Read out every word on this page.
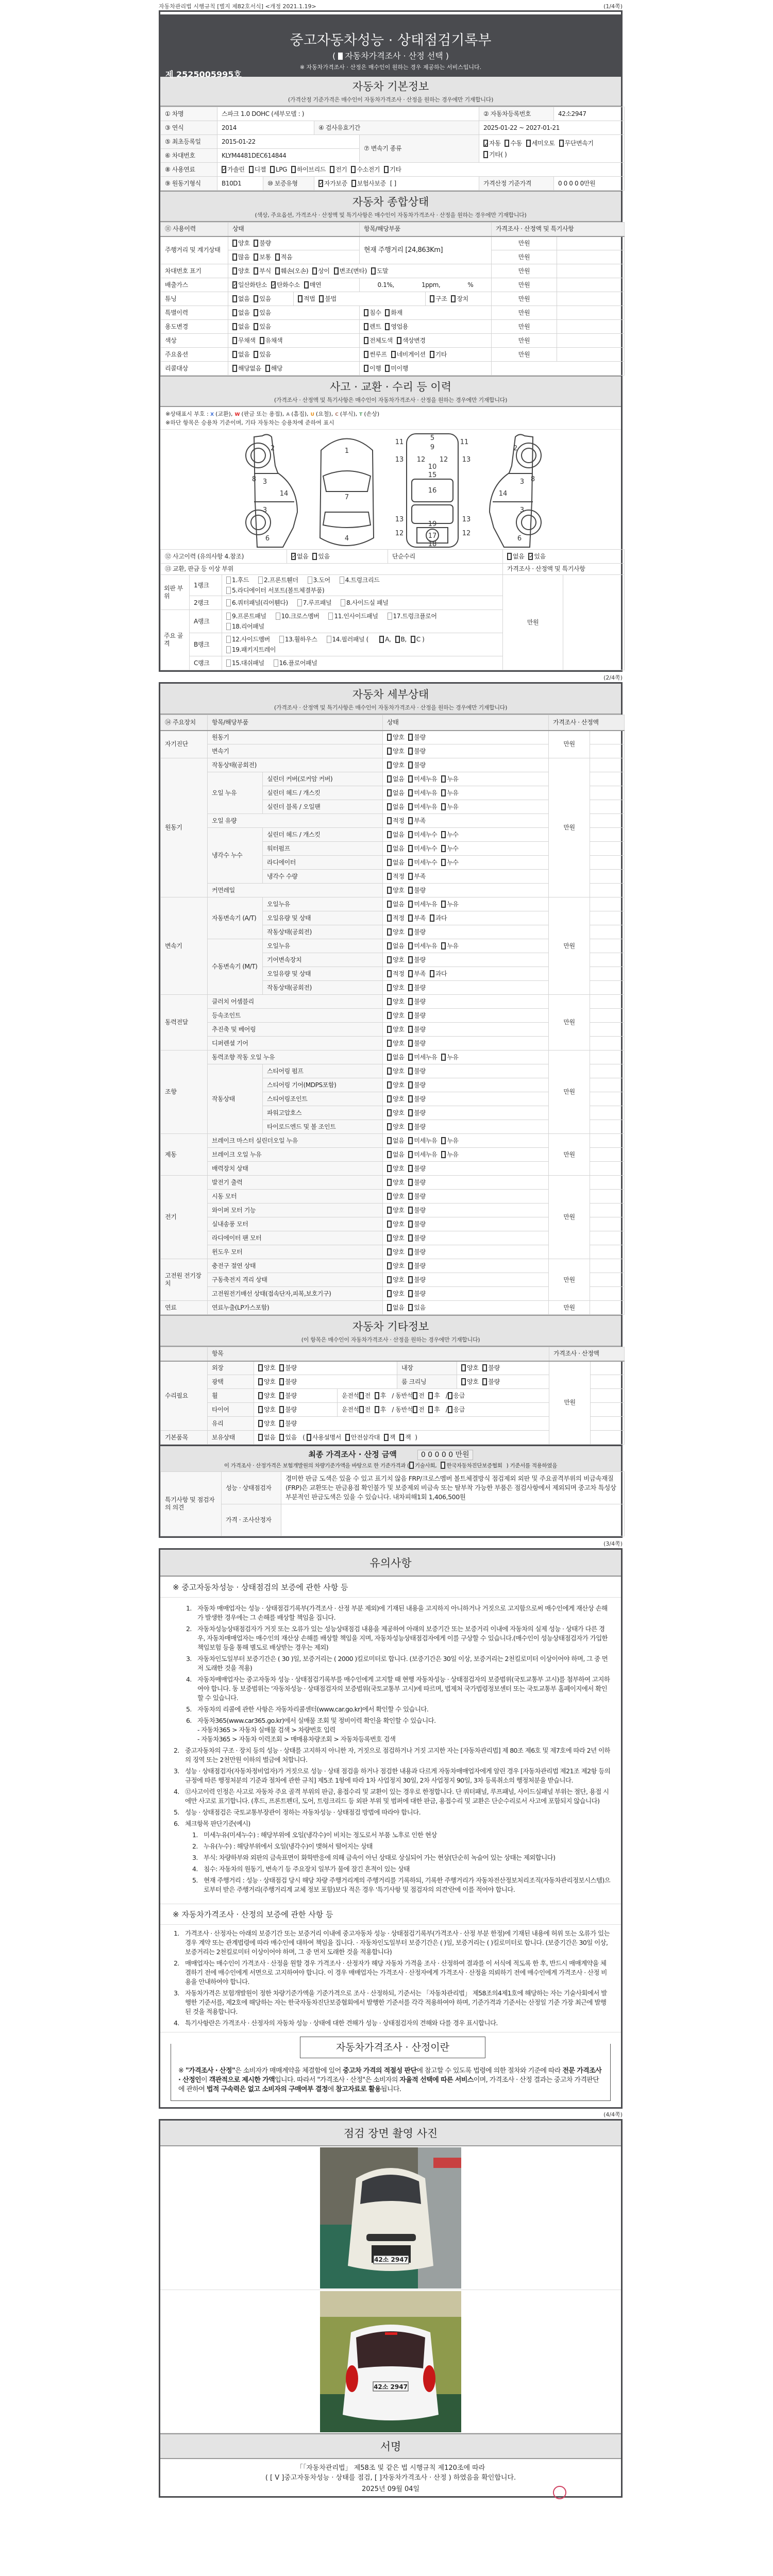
자동차관리법 시행규칙 [별지 제82호서식] <개정 2021.1.19>	(1/4쪽)
중고자동차성능 · 상태점검기록부
( 자동차가격조사 · 산정 선택 )
※ 자동차가격조사 · 산정은 매수인이 원하는 경우 제공하는 서비스입니다.
제 2525005995호
자동차 기본정보
(가격산정 기준가격은 매수인이 자동차가격조사 · 산정을 원하는 경우에만 기재합니다)
① 차명	스파크 1.0 DOHC (세부모델 : )				② 자동차등록번호	42소2947
③ 연식	2014		④ 검사유효기간		2025-01-22 ~ 2027-01-21	
⑤ 최초등록일	2015-01-22			⑦ 변속기 종류	✓자동 수동 세미오토 무단변속기기타( )
⑥ 차대번호	KLYM4481DEC614844					
⑧ 사용연료	✓가솔린 디젤 LPG 하이브리드 전기 수소전기 기타
⑨ 원동기형식	B10D1	⑩ 보증유형	✓자가보증 보험사보증 [ ]		가격산정 기준가격	0 0 0 0 0만원
자동차 종합상태
(색상, 주요옵션, 가격조사 · 산정액 및 특기사항은 매수인이 자동차가격조사 · 산정을 원하는 경우에만 기재합니다)
⑪ 사용이력	상태	항목/해당부품	가격조사 · 산정액 및 특기사항	
주행거리 및 계기상태	양호 불량	현재 주행거리 [24,863Km]	만원	
	많음 보통 적음		만원	
차대번호 표기	양호 부식 훼손(오손) 상이 변조(변타) 도말		만원	
배출가스	✓일산화탄소 ✓ 탄화수소 매연	0.1%, 1ppm, %	만원	
튜닝	없음 있음 적법 불법 구조 장치		만원	
특별이력	없음 있음	침수 화재	만원	
용도변경	없음 있음	렌트 영업용	만원	
색상	무채색 유채색	전체도색 색상변경	만원	
주요옵션	없음 있음	썬루프 네비게이션 기타	만원	
리콜대상	해당없음 해당	이행 미이행		
사고 · 교환 · 수리 등 이력
(가격조사 · 산정액 및 특기사항은 매수인이 자동차가격조사 · 산정을 원하는 경우에만 기재합니다)
※상태표시 부호 : X (교환), W (판금 또는 용접), A (흠집), U (요철), C (부식), T (손상)
※하단 항목은 승용차 기준이며, 기타 자동차는 승용차에 준하여 표시
2
8 3
14
3
6
1
7
4
5
9
11	11
13	13
12 12
10
15
16
13	13
19
12	12
17
18
2
3 8
14
3
6
⑫ 사고이력 (유의사항 4.참조)	✓없음 있음	단순수리	없음 ✓ 있음
⑬ 교환, 판금 등 이상 부위					가격조사 · 산정액 및 특기사항	
외판 부위	1랭크	1.후드 2.프론트휀더 3.도어 4.트렁크리드
5.라디에이터 서포트(볼트체결부품)			만원	
	2랭크	6.쿼터패널(리어휀다) 7.루프패널 8.사이드실 패널				
주요 골격	A랭크	9.프론트패널 10.크로스멤버 11.인사이드패널 17.트렁크플로어
18.리어패널				
	B랭크	12.사이드멤버 13.휠하우스 14.필러패널 ( A, B, C )
19.패키지트레이				
	C랭크	15.대쉬패널 16.플로어패널				
(2/4쪽)
자동차 세부상태
(가격조사 · 산정액 및 특기사항은 매수인이 자동차가격조사 · 산정을 원하는 경우에만 기재합니다)
⑭ 주요장치	항목/해당부품		상태	가격조사 · 산정액	
자기진단	원동기		양호 불량	만원	
	변속기		양호 불량		
원동기	작동상태(공회전)		양호 불량	만원	
	오일 누유	실린더 커버(로커암 커버)	없음 미세누유 누유		
		실린더 헤드 / 개스킷	없음 미세누유 누유		
		실린더 블록 / 오일팬	없음 미세누유 누유		
	오일 유량		적정 부족		
	냉각수 누수	실린더 헤드 / 개스킷	없음 미세누수 누수		
		워터펌프	없음 미세누수 누수		
		라디에이터	없음 미세누수 누수		
		냉각수 수량	적정 부족		
	커먼레일		양호 불량		
변속기	자동변속기 (A/T)	오일누유	없음 미세누유 누유	만원	
		오일유량 및 상태	적정 부족 과다		
		작동상태(공회전)	양호 불량		
	수동변속기 (M/T)	오일누유	없음 미세누유 누유		
		기어변속장치	양호 불량		
		오일유량 및 상태	적정 부족 과다		
		작동상태(공회전)	양호 불량		
동력전달	클러치 어셈블리		양호 불량	만원	
	등속조인트		양호 불량		
	추진축 및 베어링		양호 불량		
	디퍼렌셜 기어		양호 불량		
조향	동력조향 작동 오일 누유		없음 미세누유 누유	만원	
	작동상태	스티어링 펌프	양호 불량		
		스티어링 기어(MDPS포함)	양호 불량		
		스티어링조인트	양호 불량		
		파워고압호스	양호 불량		
		타이로드엔드 및 볼 조인트	양호 불량		
제동	브레이크 마스터 실린더오일 누유		없음 미세누유 누유	만원	
	브레이크 오일 누유		없음 미세누유 누유		
	배력장치 상태		양호 불량		
전기	발전기 출력		양호 불량	만원	
	시동 모터		양호 불량		
	와이퍼 모터 기능		양호 불량		
	실내송풍 모터		양호 불량		
	라디에이터 팬 모터		양호 불량		
	윈도우 모터		양호 불량		
고전원 전기장치	충전구 절연 상태		양호 불량	만원	
	구동축전지 격리 상태		양호 불량		
	고전원전기배선 상태(접속단자,피복,보호기구)		양호 불량		
연료	연료누출(LP가스포함)		없음 있음	만원	
자동차 기타정보
(이 항목은 매수인이 자동차가격조사 · 산정을 원하는 경우에만 기재합니다)
	항목					가격조사 · 산정액	
수리필요	외장	양호 불량		내장	양호 불량	만원	
	광택	양호 불량		룸 크리닝	양호 불량		
	휠	양호 불량	운전석 전 후 / 동반석 전 후 / 응급				
	타이어	양호 불량	운전석 전 후 / 동반석 전 후 / 응급				
	유리	양호 불량					
기본품목	보유상태	없음 있음 ( 사용설명서 안전삼각대 잭 잭 )					
최종 가격조사 · 산정 금액	0 0 0 0 0 만원
이 가격조사 · 산정가격은 보험개발원의 차량기준가액을 바탕으로 한 기준가격과 ( 기술사회, 한국자동차진단보증협회 ) 기준서를 적용하였음
특기사항 및 점검자의 의견	성능 · 상태점검자	경미한 판금 도색은 있을 수 있고 표기치 않음 FRP/크로스멤버 볼트체결방식 점검제외 외판 및 주요골격부위의 비금속재질(FRP)은 교환또는 판금용접 확인불가 및 보증제외 비금속 또는 탈부착 가능한 부품은 점검사항에서 제외되며 중고차 특성상 부분적인 판금도색은 있을 수 있습니다. 내차피해1회 1,406,500원
	가격 · 조사산정자	
(3/4쪽)
유의사항
※ 중고자동차성능 · 상태점검의 보증에 관한 사항 등
1. 자동차 매매업자는 성능 · 상태점검기록부(가격조사 · 산정 부분 제외)에 기재된 내용을 고지하지 아니하거나 거짓으로 고지함으로써 매수인에게 재산상 손해가 발생한 경우에는 그 손해를 배상할 책임을 집니다.
2. 자동차성능상태점검자가 거짓 또는 오류가 있는 성능상태점검 내용을 제공하여 아래의 보증기간 또는 보증거리 이내에 자동차의 실제 성능 · 상태가 다른 경우, 자동차매매업자는 매수인의 재산상 손해를 배상할 책임을 지며, 자동차성능상태점검자에게 이를 구상할 수 있습니다.(매수인이 성능상태점검자가 가입한 책임보험 등을 통해 별도로 배상받는 경우는 제외)
3. 자동차인도일부터 보증기간은 ( 30 )일, 보증거리는 ( 2000 )킬로미터로 합니다. (보증기간은 30일 이상, 보증거리는 2천킬로미터 이상이어야 하며, 그 중 먼저 도래한 것을 적용)
4. 자동차매매업자는 중고자동차 성능 · 상태점검기록부를 매수인에게 고지할 때 현행 자동차성능 · 상태점검자의 보증범위(국토교통부 고시)를 첨부하여 고지하여야 합니다. 동 보증범위는 '자동차성능 · 상태점검자의 보증범위(국토교통부 고시)에 따르며, 법제처 국가법령정보센터 또는 국토교통부 홈페이지에서 확인할 수 있습니다.
5. 자동차의 리콜에 관한 사항은 자동차리콜센터(www.car.go.kr)에서 확인할 수 있습니다.
6. 자동차365(www.car365.go.kr)에서 실매물 조회 및 정비이력 확인을 확인할 수 있습니다.
- 자동차365 > 자동차 실매물 검색 > 차량번호 입력
- 자동차365 > 자동차 이력조회 > 매매용차량조회 > 자동차등록번호 검색
2. 중고자동차의 구조 · 장치 등의 성능 · 상태를 고지하지 아니한 자, 거짓으로 점검하거나 거짓 고지한 자는 [자동차관리법] 제 80조 제6호 및 제7호에 따라 2년 이하의 징역 또는 2천만원 이하의 벌금에 처합니다.
3. 성능 · 상태점검자(자동차정비업자)가 거짓으로 성능 · 상태 점검을 하거나 점검한 내용과 다르게 자동차매매업자에게 알린 경우 [자동차관리법 제21조 제2항 등의 규정에 따른 행정처분의 기준과 절차에 관한 규칙] 제5조 1항에 따라 1차 사업정지 30일, 2차 사업정지 90일, 3차 등록취소의 행정처분을 받습니다.
4. ⑫사고이력 인정은 사고로 자동차 주요 골격 부위의 판금, 용접수리 및 교환이 있는 경우로 한정합니다. 단 쿼터패널, 루프패널, 사이드실패널 부위는 절단, 용접 시에만 사고로 표기합니다. (후드, 프론트펜더, 도어, 트렁크리드 등 외판 부위 및 범퍼에 대한 판금, 용접수리 및 교환은 단순수리로서 사고에 포함되지 않습니다)
5. 성능 · 상태점검은 국토교통부장관이 정하는 자동차성능 · 상태점검 방법에 따라야 합니다.
6. 체크항목 판단기준(예시)
1. 미세누유(미세누수) : 해당부위에 오일(냉각수)이 비치는 정도로서 부품 노후로 인한 현상
2. 누유(누수) : 해당부위에서 오일(냉각수)이 맺혀서 떨어지는 상태
3. 부식: 차량하부와 외판의 금속표면이 화학반응에 의해 금속이 아닌 상태로 상실되어 가는 현상(단순히 녹슬어 있는 상태는 제외합니다)
4. 침수: 자동차의 원동기, 변속기 등 주요장치 일부가 물에 잠긴 흔적이 있는 상태
5. 현재 주행거리 : 성능 · 상태점검 당시 해당 차량 주행거리계의 주행거리를 기록하되, 기록한 주행거리가 자동차전산정보처리조직(자동차관리정보시스템)으로부터 받은 주행거리(주행거리계 교체 정보 포함)보다 적은 경우 '특기사항 및 점검자의 의견'란에 이를 적어야 합니다.
※ 자동차가격조사 · 산정의 보증에 관한 사항 등
1. 가격조사 · 산정자는 아래의 보증기간 또는 보증거리 이내에 중고자동차 성능 · 상태점검기록부(가격조사 · 산정 부분 한정)에 기재된 내용에 허위 또는 오류가 있는 경우 계약 또는 관계법령에 따라 매수인에 대하여 책임을 집니다. · 자동차인도일부터 보증기간은 ( )일, 보증거리는 ( )킬로미터로 합니다. (보증기간은 30일 이상, 보증거리는 2천킬로미터 이상이어야 하며, 그 중 먼저 도래한 것을 적용합니다)
2. 매매업자는 매수인이 가격조사 · 산정을 원할 경우 가격조사 · 산정자가 해당 자동차 가격을 조사 · 산정하여 결과를 이 서식에 적도록 한 후, 반드시 매매계약을 체결하기 전에 매수인에게 서면으로 고지하여야 합니다. 이 경우 매매업자는 가격조사 · 산정자에게 가격조사 · 산정을 의뢰하기 전에 매수인에게 가격조사 · 산정 비용을 안내하여야 합니다.
3. 자동차가격은 보험개발원이 정한 차량기준가액을 기준가격으로 조사 · 산정하되, 기준서는 「자동차관리법」 제58조의4제1호에 해당하는 자는 기술사회에서 발행한 기준서를, 제2호에 해당하는 자는 한국자동차진단보증협회에서 발행한 기준서를 각각 적용하여야 하며, 기준가격과 기준서는 산정일 기준 가장 최근에 발행된 것을 적용합니다.
4. 특기사항란은 가격조사 · 산정자의 자동차 성능 · 상태에 대한 견해가 성능 · 상태점검자의 견해와 다를 경우 표시합니다.
자동차가격조사 · 산정이란
※ "가격조사 · 산정"은 소비자가 매매계약을 체결함에 있어 중고차 가격의 적절성 판단에 참고할 수 있도록 법령에 의한 절차와 기준에 따라 전문 가격조사 · 산정인이 객관적으로 제시한 가액입니다. 따라서 "가격조사 · 산정"은 소비자의 자율적 선택에 따른 서비스이며, 가격조사 · 산정 결과는 중고차 가격판단에 관하여 법적 구속력은 없고 소비자의 구매여부 결정에 참고자료로 활용됩니다.
(4/4쪽)
점검 장면 촬영 사진
42소 2947
42소 2947
서명
「「자동차관리법」 제58조 및 같은 법 시행규칙 제120조에 따라
( [ V ]중고자동차성능 · 상태를 점검, [ ]자동차가격조사 · 산정 ) 하였음을 확인합니다.
2025년 09월 04일
